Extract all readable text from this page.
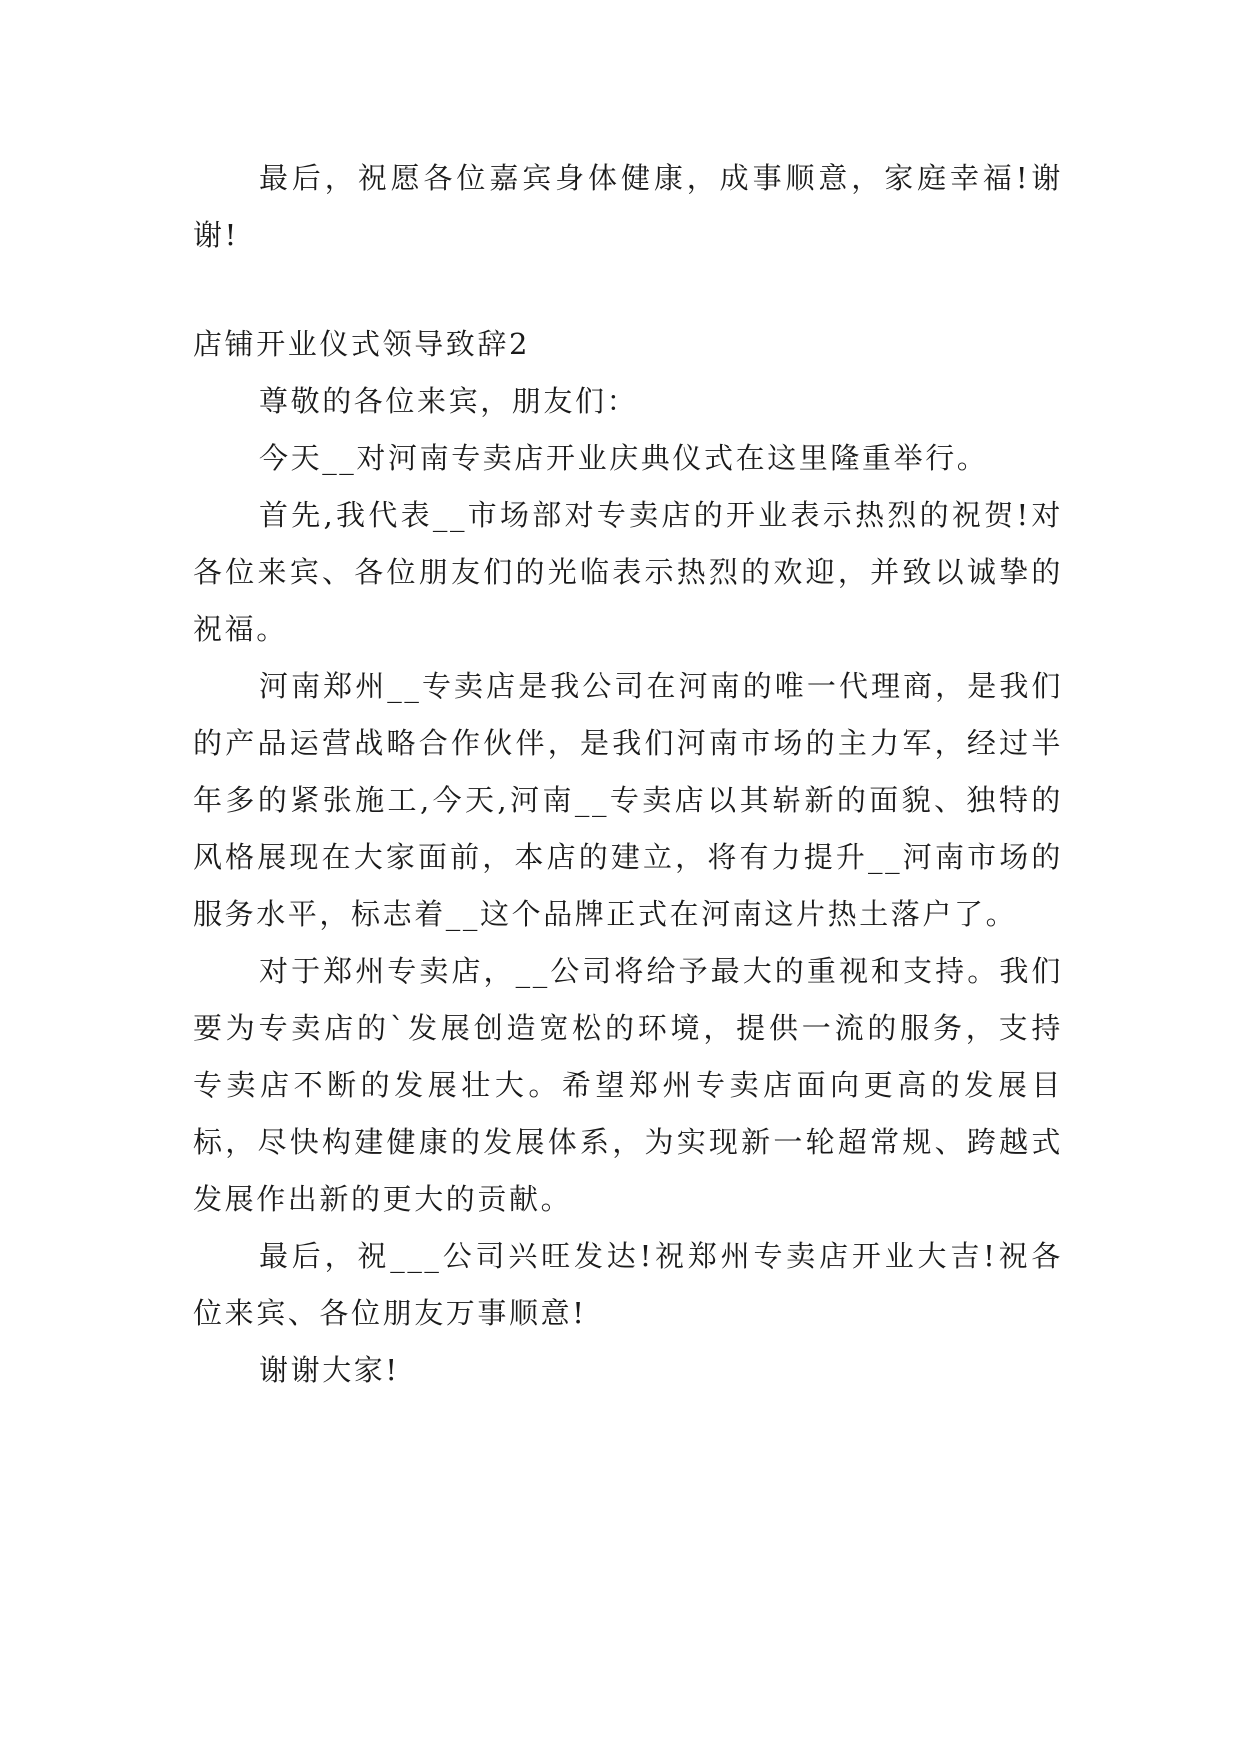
最后，祝愿各位嘉宾身体健康，成事顺意，家庭幸福!谢谢!

店铺开业仪式领导致辞2

尊敬的各位来宾，朋友们：

今天__对河南专卖店开业庆典仪式在这里隆重举行。

首先,我代表__市场部对专卖店的开业表示热烈的祝贺!对各位来宾、各位朋友们的光临表示热烈的欢迎，并致以诚挚的祝福。

河南郑州__专卖店是我公司在河南的唯一代理商，是我们的产品运营战略合作伙伴，是我们河南市场的主力军，经过半年多的紧张施工,今天,河南__专卖店以其崭新的面貌、独特的风格展现在大家面前，本店的建立，将有力提升__河南市场的服务水平，标志着__这个品牌正式在河南这片热土落户了。

对于郑州专卖店，__公司将给予最大的重视和支持。我们要为专卖店的`发展创造宽松的环境，提供一流的服务，支持专卖店不断的发展壮大。希望郑州专卖店面向更高的发展目标，尽快构建健康的发展体系，为实现新一轮超常规、跨越式发展作出新的更大的贡献。

最后，祝___公司兴旺发达!祝郑州专卖店开业大吉!祝各位来宾、各位朋友万事顺意!

谢谢大家!
